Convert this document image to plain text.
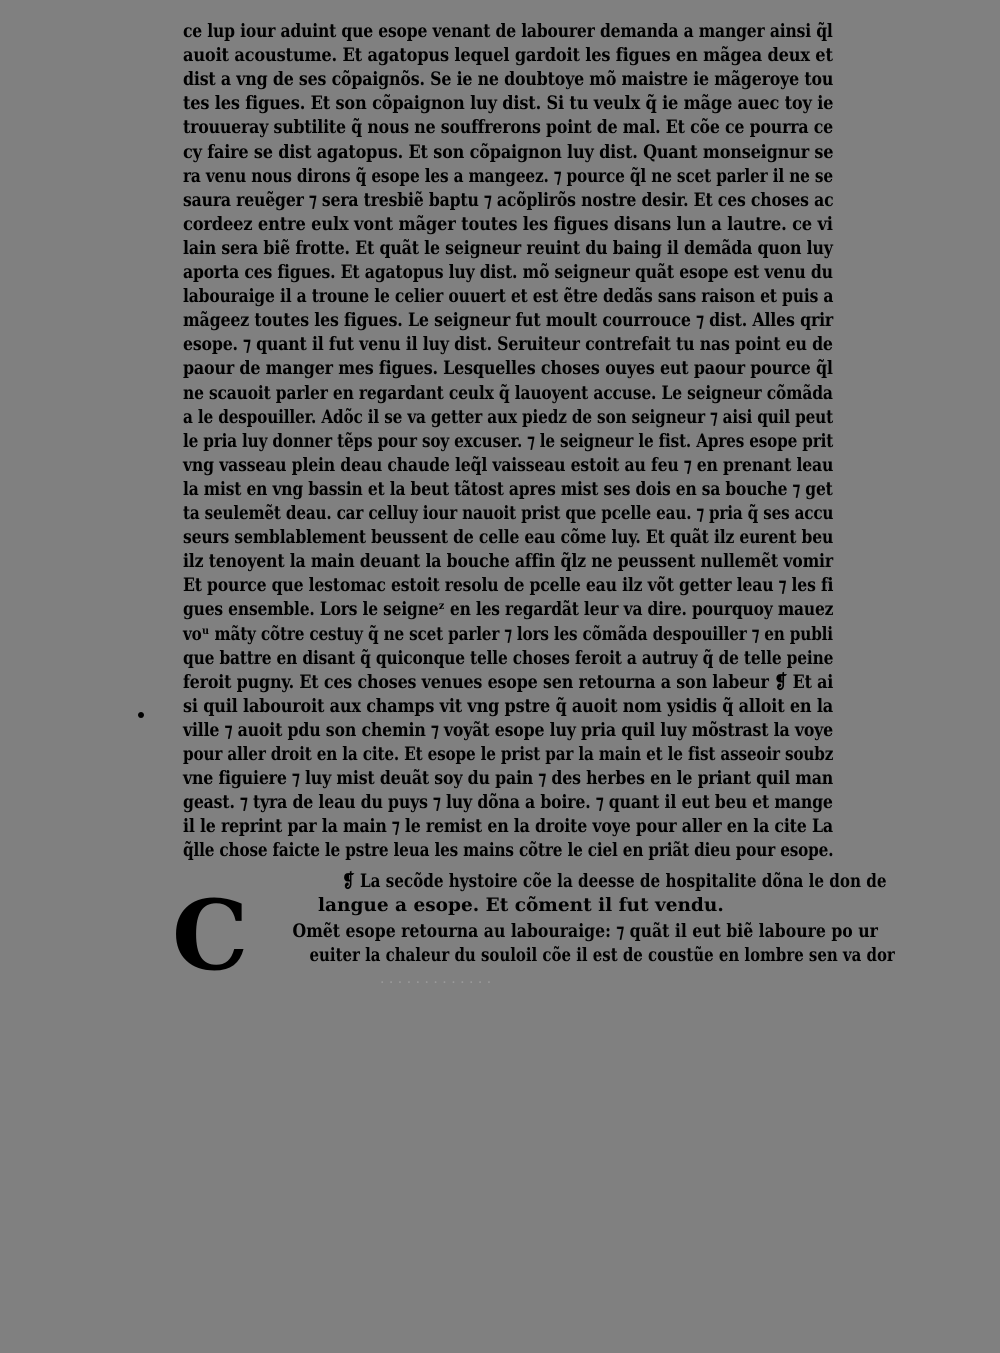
ce lup iour aduint que esope venant de labourer demanda a manger ainsi q̃l
auoit acoustume. Et agatopus lequel gardoit les figues en mãgea deux et
dist a vng de ses cõpaignõs. Se ie ne doubtoye mõ maistre ie mãgeroye tou
tes les figues. Et son cõpaignon luy dist. Si tu veulx q̃ ie mãge auec toy ie
trouueray subtilite q̃ nous ne souffrerons point de mal. Et cõe ce pourra ce
cy faire se dist agatopus. Et son cõpaignon luy dist. Quant monseignur se
ra venu nous dirons q̃ esope les a mangeez. ⁊ pource q̃l ne scet parler il ne se
saura reuẽger ⁊ sera tresbiẽ baptu ⁊ acõplirõs nostre desir. Et ces choses ac
cordeez entre eulx vont mãger toutes les figues disans lun a lautre. ce vi
lain sera biẽ frotte. Et quãt le seigneur reuint du baing il demãda quon luy
aporta ces figues. Et agatopus luy dist. mõ seigneur quãt esope est venu du
labouraige il a troune le celier ouuert et est ẽtre dedãs sans raison et puis a
mãgeez toutes les figues. Le seigneur fut moult courrouce ⁊ dist. Alles qrir
esope. ⁊ quant il fut venu il luy dist. Seruiteur contrefait tu nas point eu de
paour de manger mes figues. Lesquelles choses ouyes eut paour pource q̃l
ne scauoit parler en regardant ceulx q̃ lauoyent accuse. Le seigneur cõmãda
a le despouiller. Adõc il se va getter aux piedz de son seigneur ⁊ aisi quil peut
le pria luy donner tẽps pour soy excuser. ⁊ le seigneur le fist. Apres esope prit
vng vasseau plein deau chaude leq̃l vaisseau estoit au feu ⁊ en prenant leau
la mist en vng bassin et la beut tãtost apres mist ses dois en sa bouche ⁊ get
ta seulemẽt deau. car celluy iour nauoit prist que pcelle eau. ⁊ pria q̃ ses accu
seurs semblablement beussent de celle eau cõme luy. Et quãt ilz eurent beu
ilz tenoyent la main deuant la bouche affin q̃lz ne peussent nullemẽt vomir
Et pource que lestomac estoit resolu de pcelle eau ilz võt getter leau ⁊ les fi
gues ensemble. Lors le seigneᶻ en les regardãt leur va dire. pourquoy mauez
voᵘ mãty cõtre cestuy q̃ ne scet parler ⁊ lors les cõmãda despouiller ⁊ en publi
que battre en disant q̃ quiconque telle choses feroit a autruy q̃ de telle peine
feroit pugny. Et ces choses venues esope sen retourna a son labeur ❡ Et ai
si quil labouroit aux champs vit vng pstre q̃ auoit nom ysidis q̃ alloit en la
ville ⁊ auoit pdu son chemin ⁊ voyãt esope luy pria quil luy mõstrast la voye
pour aller droit en la cite. Et esope le prist par la main et le fist asseoir soubz
vne figuiere ⁊ luy mist deuãt soy du pain ⁊ des herbes en le priant quil man
geast. ⁊ tyra de leau du puys ⁊ luy dõna a boire. ⁊ quant il eut beu et mange
il le reprint par la main ⁊ le remist en la droite voye pour aller en la cite La
q̃lle chose faicte le pstre leua les mains cõtre le ciel en priãt dieu pour esope.
❡ La secõde hystoire cõe la deesse de hospitalite dõna le don de
langue a esope. Et cõment il fut vendu.
C Omẽt esope retourna au labouraige: ⁊ quãt il eut biẽ laboure po ur
euiter la chaleur du souloil cõe il est de coustũe en lombre sen va dor
· · · · · · · · · · · · ·
